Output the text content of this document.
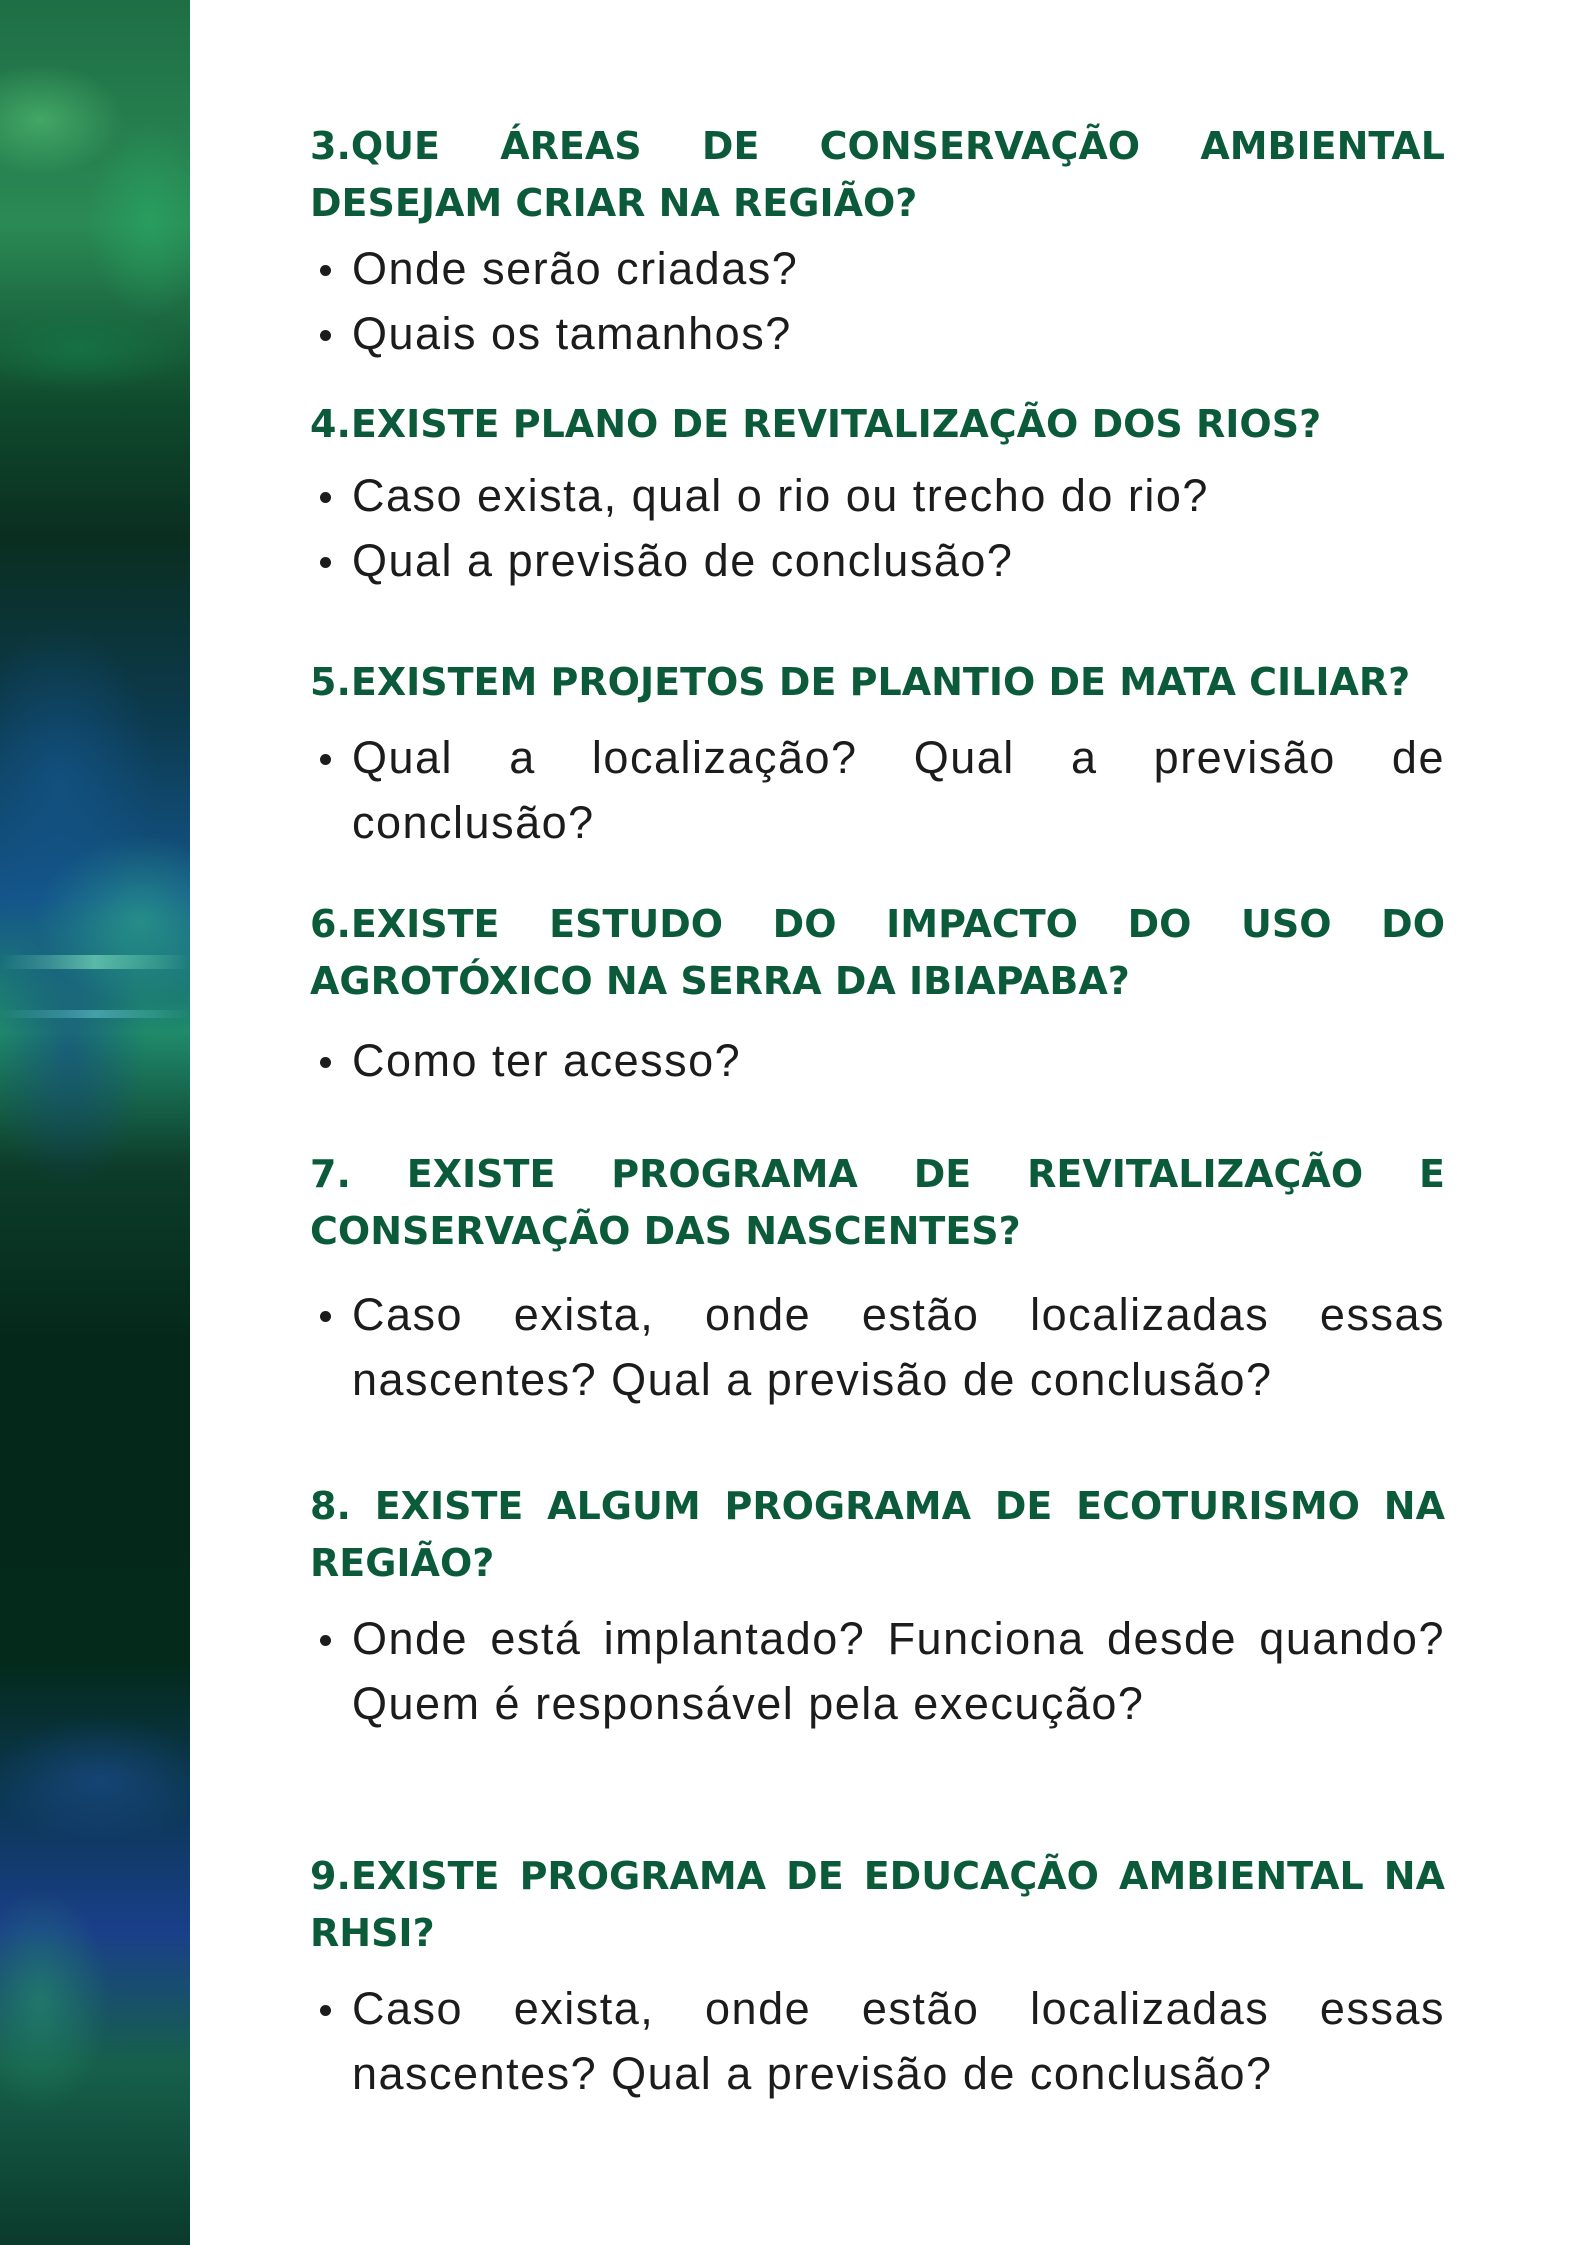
3.QUE ÁREAS DE CONSERVAÇÃO AMBIENTAL DESEJAM CRIAR NA REGIÃO?
Onde serão criadas?
Quais os tamanhos?
4.EXISTE PLANO DE REVITALIZAÇÃO DOS RIOS?
Caso exista, qual o rio ou trecho do rio?
Qual a previsão de conclusão?
5.EXISTEM PROJETOS DE PLANTIO DE MATA CILIAR?
Qual a localização? Qual a previsão de conclusão?
6.EXISTE ESTUDO DO IMPACTO DO USO DO AGROTÓXICO NA SERRA DA IBIAPABA?
Como ter acesso?
7. EXISTE PROGRAMA DE REVITALIZAÇÃO E CONSERVAÇÃO DAS NASCENTES?
Caso exista, onde estão localizadas essas nascentes? Qual a previsão de conclusão?
8. EXISTE ALGUM PROGRAMA DE ECOTURISMO NA REGIÃO?
Onde está implantado? Funciona desde quando? Quem é responsável pela execução?
9.EXISTE PROGRAMA DE EDUCAÇÃO AMBIENTAL NA RHSI?
Caso exista, onde estão localizadas essas nascentes? Qual a previsão de conclusão?
